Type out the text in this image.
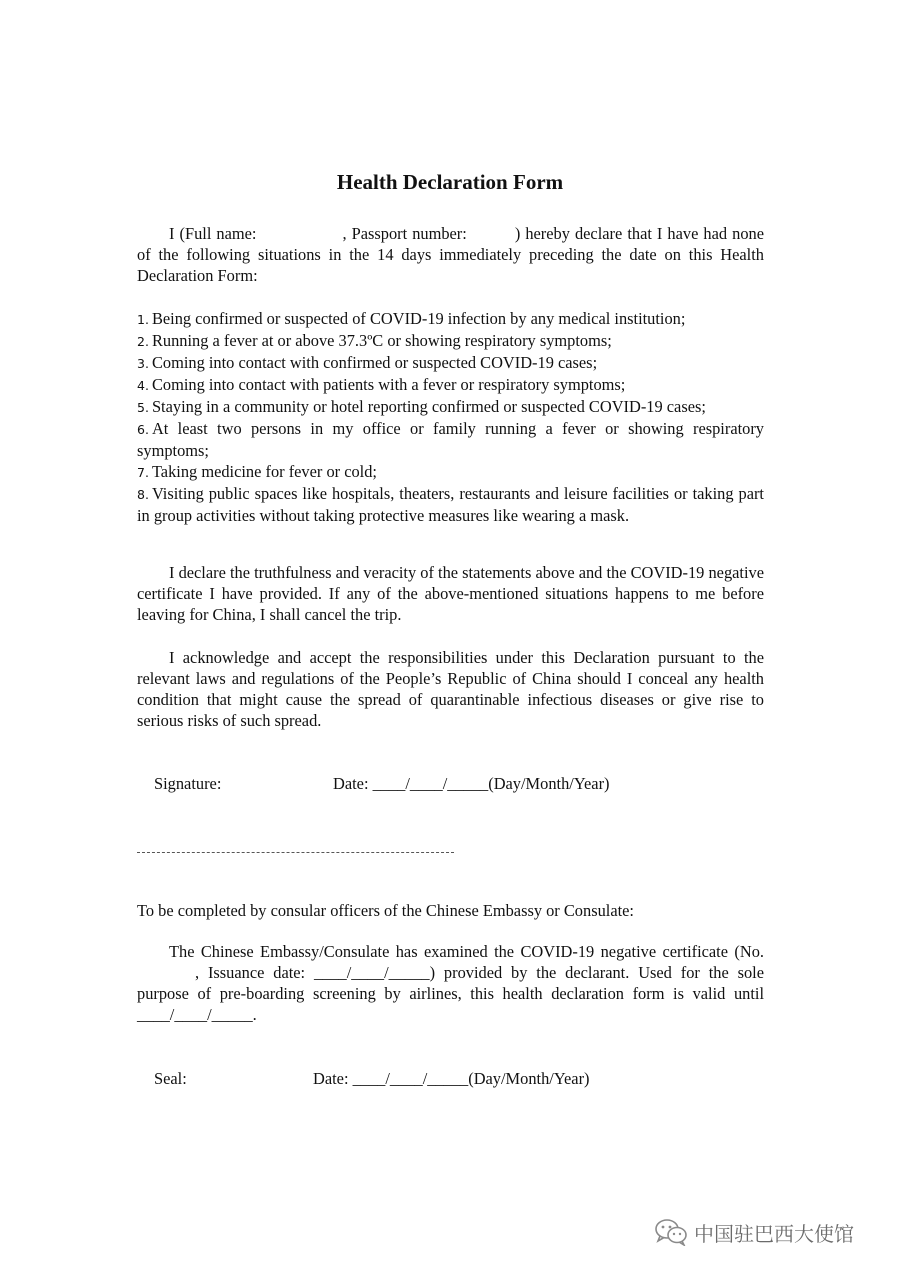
Health Declaration Form
I (Full name:	, Passport number:	) hereby declare that I have had none of the following situations in the 14 days immediately preceding the date on this Health Declaration Form:
1. Being confirmed or suspected of COVID-19 infection by any medical institution;
2. Running a fever at or above 37.3ºC or showing respiratory symptoms;
3. Coming into contact with confirmed or suspected COVID-19 cases;
4. Coming into contact with patients with a fever or respiratory symptoms;
5. Staying in a community or hotel reporting confirmed or suspected COVID-19 cases;
6. At least two persons in my office or family running a fever or showing respiratory symptoms;
7. Taking medicine for fever or cold;
8. Visiting public spaces like hospitals, theaters, restaurants and leisure facilities or taking part in group activities without taking protective measures like wearing a mask.
I declare the truthfulness and veracity of the statements above and the COVID-19 negative certificate I have provided. If any of the above-mentioned situations happens to me before leaving for China, I shall cancel the trip.
I acknowledge and accept the responsibilities under this Declaration pursuant to the relevant laws and regulations of the People’s Republic of China should I conceal any health condition that might cause the spread of quarantinable infectious diseases or give rise to serious risks of such spread.
Signature:	Date: ____/____/_____(Day/Month/Year)
To be completed by consular officers of the Chinese Embassy or Consulate:
The Chinese Embassy/Consulate has examined the COVID-19 negative certificate (No., Issuance date: ____/____/_____) provided by the declarant. Used for the sole purpose of pre-boarding screening by airlines, this health declaration form is valid until ____/____/_____.
Seal:	Date: ____/____/_____(Day/Month/Year)
中国驻巴西大使馆
